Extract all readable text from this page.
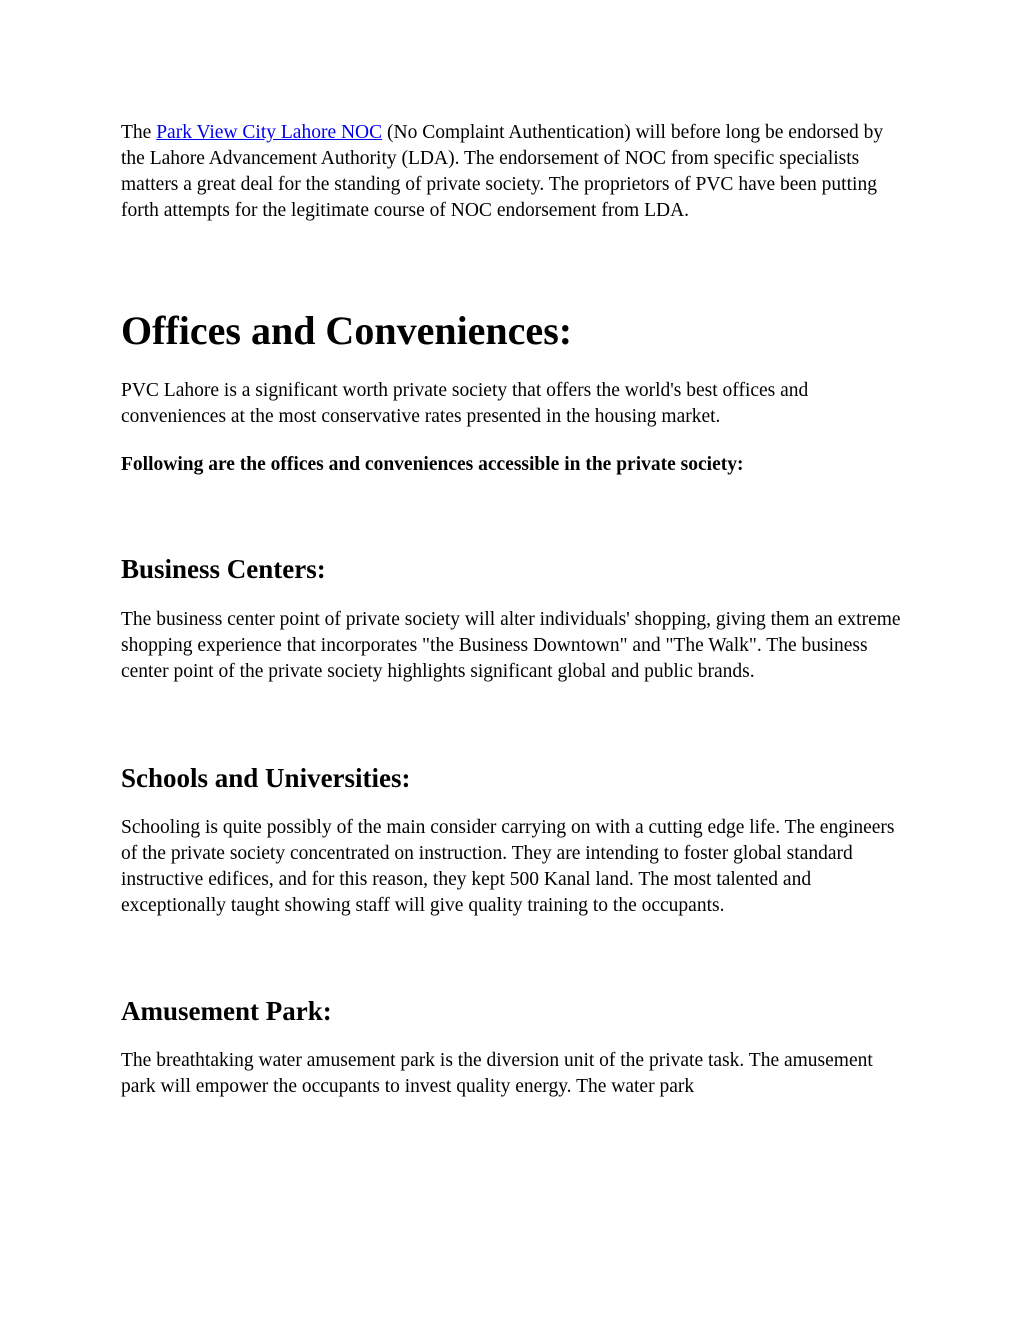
The Park View City Lahore NOC (No Complaint Authentication) will before long be endorsed by the Lahore Advancement Authority (LDA). The endorsement of NOC from specific specialists matters a great deal for the standing of private society. The proprietors of PVC have been putting forth attempts for the legitimate course of NOC endorsement from LDA.

Offices and Conveniences:

PVC Lahore is a significant worth private society that offers the world's best offices and conveniences at the most conservative rates presented in the housing market.

Following are the offices and conveniences accessible in the private society:

Business Centers:

The business center point of private society will alter individuals' shopping, giving them an extreme shopping experience that incorporates "the Business Downtown" and "The Walk". The business center point of the private society highlights significant global and public brands.

Schools and Universities:

Schooling is quite possibly of the main consider carrying on with a cutting edge life. The engineers of the private society concentrated on instruction. They are intending to foster global standard instructive edifices, and for this reason, they kept 500 Kanal land. The most talented and exceptionally taught showing staff will give quality training to the occupants.

Amusement Park:

The breathtaking water amusement park is the diversion unit of the private task. The amusement park will empower the occupants to invest quality energy. The water park
